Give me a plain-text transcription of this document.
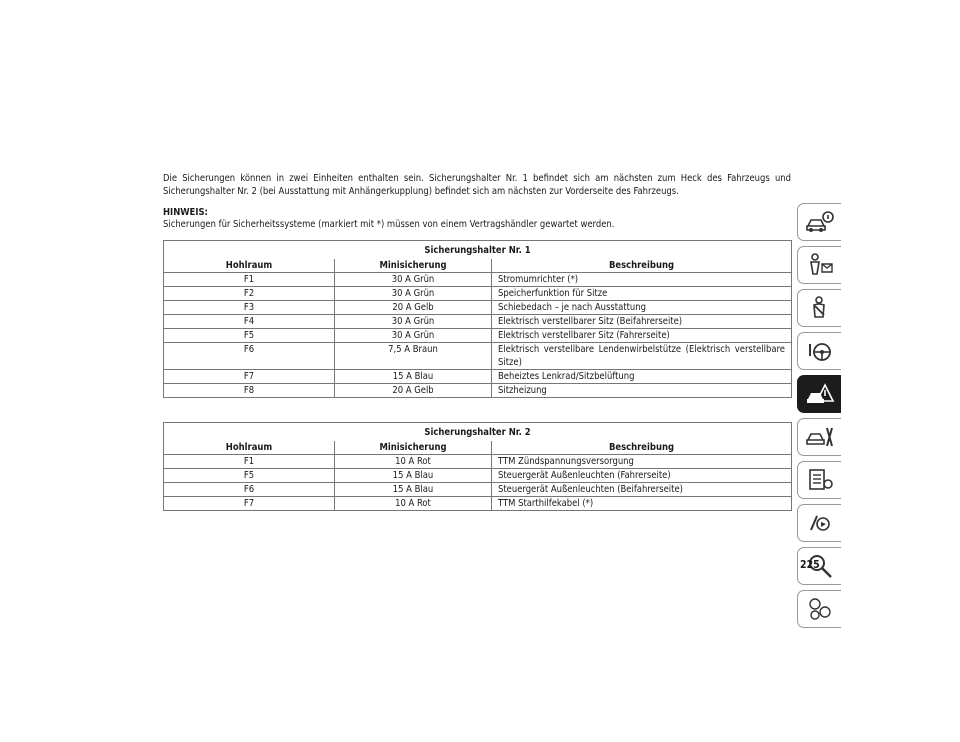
Die Sicherungen können in zwei Einheiten enthalten sein. Sicherungshalter Nr. 1 befindet sich am nächsten zum Heck des Fahrzeugs und Sicherungshalter Nr. 2 (bei Ausstattung mit Anhängerkupplung) befindet sich am nächsten zur Vorderseite des Fahrzeugs.

HINWEIS:

Sicherungen für Sicherheitssysteme (markiert mit *) müssen von einem Vertragshändler gewartet werden.

Sicherungshalter Nr. 1		
Hohlraum	Minisicherung	Beschreibung
F1	30 A Grün	Stromumrichter (*)
F2	30 A Grün	Speicherfunktion für Sitze
F3	20 A Gelb	Schiebedach – je nach Ausstattung
F4	30 A Grün	Elektrisch verstellbarer Sitz (Beifahrerseite)
F5	30 A Grün	Elektrisch verstellbarer Sitz (Fahrerseite)
F6	7,5 A Braun	Elektrisch verstellbare Lendenwirbelstütze (Elektrisch verstellbare Sitze)
F7	15 A Blau	Beheiztes Lenkrad/Sitzbelüftung
F8	20 A Gelb	Sitzheizung
Sicherungshalter Nr. 2		
Hohlraum	Minisicherung	Beschreibung
F1	10 A Rot	TTM Zündspannungsversorgung
F5	15 A Blau	Steuergerät Außenleuchten (Fahrerseite)
F6	15 A Blau	Steuergerät Außenleuchten (Beifahrerseite)
F7	10 A Rot	TTM Starthilfekabel (*)
225
